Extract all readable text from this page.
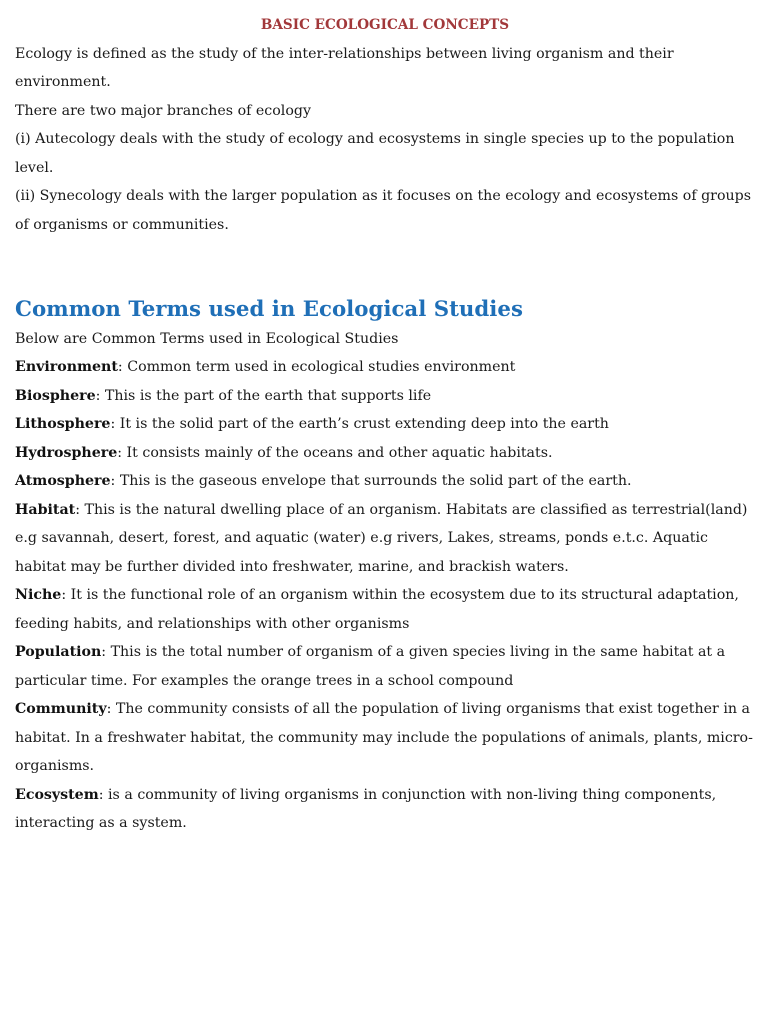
BASIC ECOLOGICAL CONCEPTS

Ecology is defined as the study of the inter-relationships between living organism and their environment.

There are two major branches of ecology

(i) Autecology deals with the study of ecology and ecosystems in single species up to the population level.

(ii) Synecology deals with the larger population as it focuses on the ecology and ecosystems of groups of organisms or communities.

Common Terms used in Ecological Studies

Below are Common Terms used in Ecological Studies

Environment: Common term used in ecological studies environment

Biosphere: This is the part of the earth that supports life

Lithosphere: It is the solid part of the earth’s crust extending deep into the earth

Hydrosphere: It consists mainly of the oceans and other aquatic habitats.

Atmosphere: This is the gaseous envelope that surrounds the solid part of the earth.

Habitat: This is the natural dwelling place of an organism. Habitats are classified as terrestrial(land) e.g savannah, desert, forest, and aquatic (water) e.g rivers, Lakes, streams, ponds e.t.c. Aquatic habitat may be further divided into freshwater, marine, and brackish waters.

Niche: It is the functional role of an organism within the ecosystem due to its structural adaptation, feeding habits, and relationships with other organisms

Population: This is the total number of organism of a given species living in the same habitat at a particular time. For examples the orange trees in a school compound

Community: The community consists of all the population of living organisms that exist together in a habitat. In a freshwater habitat, the community may include the populations of animals, plants, micro-organisms.

Ecosystem: is a community of living organisms in conjunction with non-living thing components, interacting as a system.
